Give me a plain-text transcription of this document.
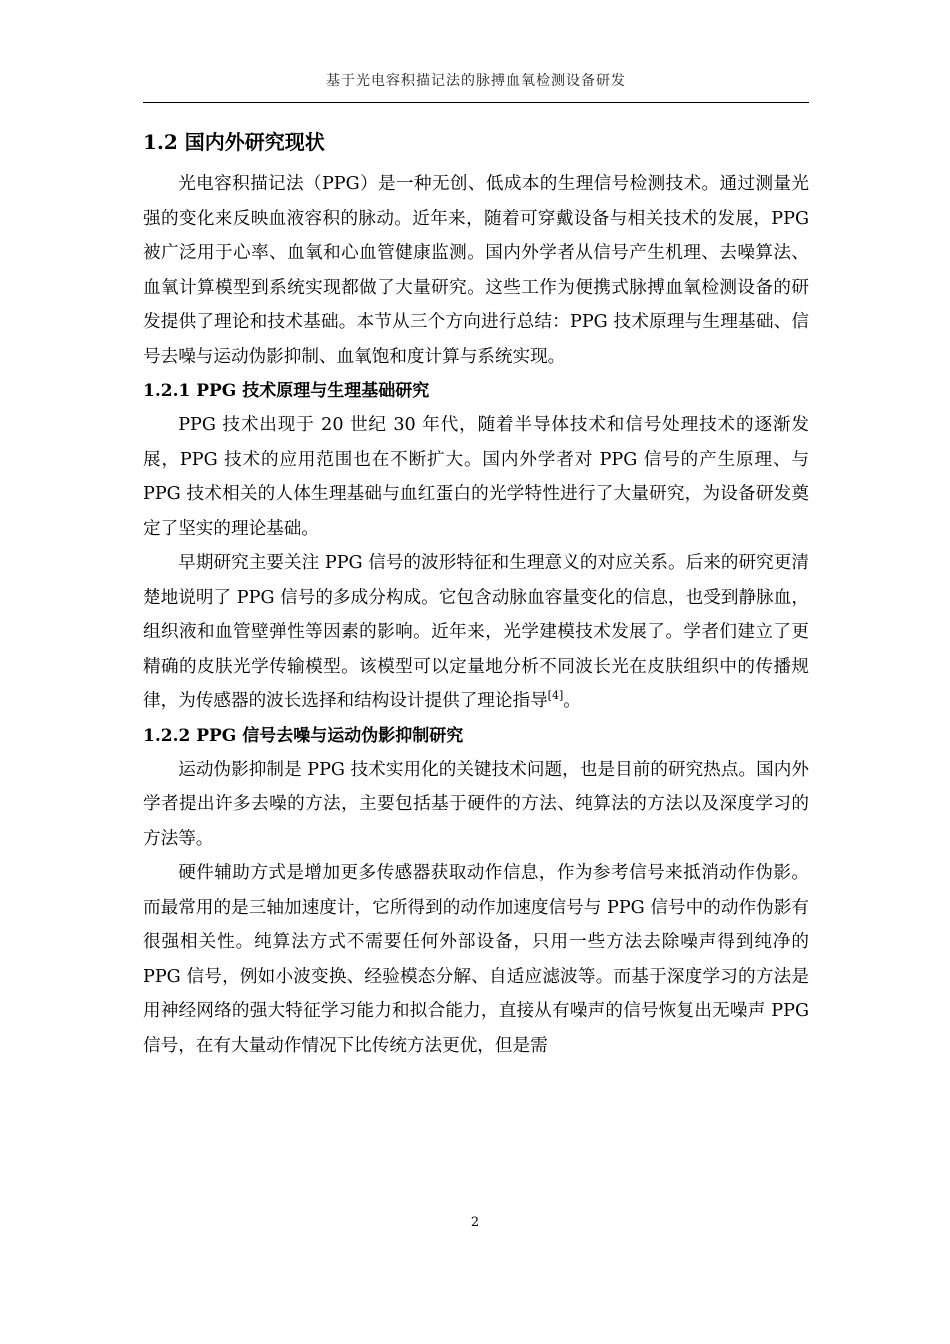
基于光电容积描记法的脉搏血氧检测设备研发
1.2 国内外研究现状

光电容积描记法（PPG）是一种无创、低成本的生理信号检测技术。通过测量光强的变化来反映血液容积的脉动。近年来，随着可穿戴设备与相关技术的发展，PPG 被广泛用于心率、血氧和心血管健康监测。国内外学者从信号产生机理、去噪算法、血氧计算模型到系统实现都做了大量研究。这些工作为便携式脉搏血氧检测设备的研发提供了理论和技术基础。本节从三个方向进行总结：PPG 技术原理与生理基础、信号去噪与运动伪影抑制、血氧饱和度计算与系统实现。

1.2.1 PPG 技术原理与生理基础研究

PPG 技术出现于 20 世纪 30 年代，随着半导体技术和信号处理技术的逐渐发展，PPG 技术的应用范围也在不断扩大。国内外学者对 PPG 信号的产生原理、与 PPG 技术相关的人体生理基础与血红蛋白的光学特性进行了大量研究，为设备研发奠定了坚实的理论基础。

早期研究主要关注 PPG 信号的波形特征和生理意义的对应关系。后来的研究更清楚地说明了 PPG 信号的多成分构成。它包含动脉血容量变化的信息，也受到静脉血，组织液和血管壁弹性等因素的影响。近年来，光学建模技术发展了。学者们建立了更精确的皮肤光学传输模型。该模型可以定量地分析不同波长光在皮肤组织中的传播规律，为传感器的波长选择和结构设计提供了理论指导[4]。

1.2.2 PPG 信号去噪与运动伪影抑制研究

运动伪影抑制是 PPG 技术实用化的关键技术问题，也是目前的研究热点。国内外学者提出许多去噪的方法，主要包括基于硬件的方法、纯算法的方法以及深度学习的方法等。

硬件辅助方式是增加更多传感器获取动作信息，作为参考信号来抵消动作伪影。而最常用的是三轴加速度计，它所得到的动作加速度信号与 PPG 信号中的动作伪影有很强相关性。纯算法方式不需要任何外部设备，只用一些方法去除噪声得到纯净的 PPG 信号，例如小波变换、经验模态分解、自适应滤波等。而基于深度学习的方法是用神经网络的强大特征学习能力和拟合能力，直接从有噪声的信号恢复出无噪声 PPG 信号，在有大量动作情况下比传统方法更优，但是需

2
